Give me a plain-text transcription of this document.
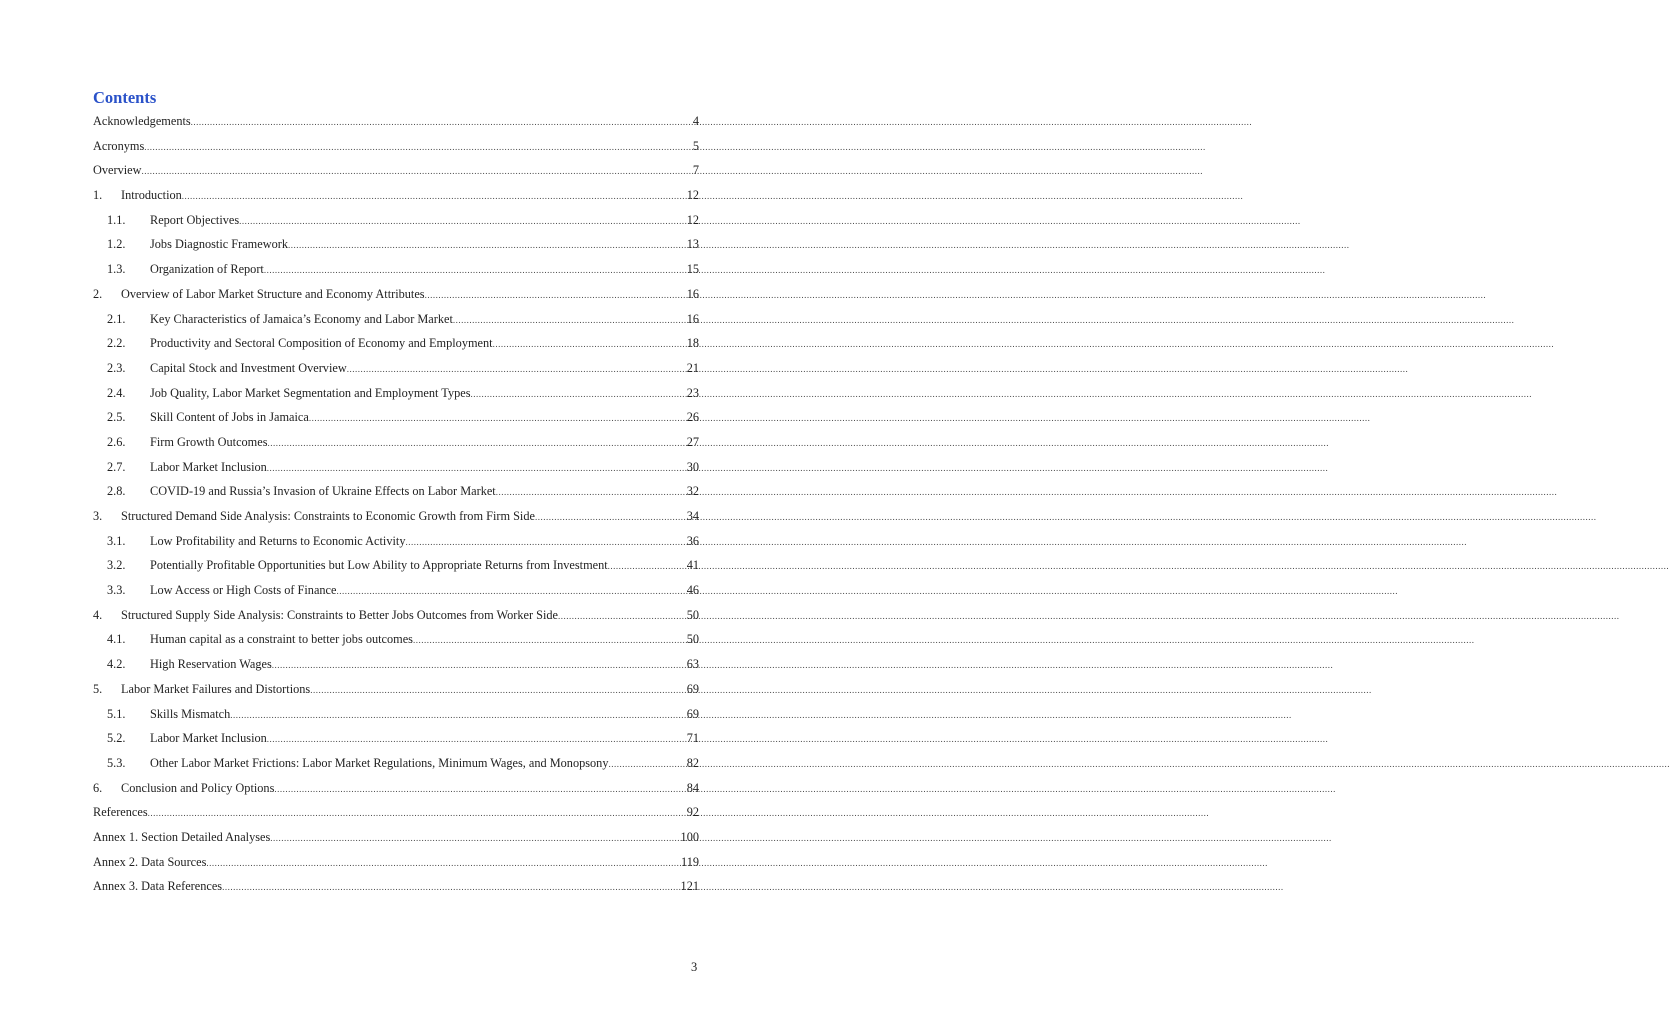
Contents
Acknowledgements .....	4
Acronyms .....	5
Overview .....	7
1.	Introduction .....	12
1.1.	Report Objectives .....	12
1.2.	Jobs Diagnostic Framework .....	13
1.3.	Organization of Report .....	15
2.	Overview of Labor Market Structure and Economy Attributes .....	16
2.1.	Key Characteristics of Jamaica’s Economy and Labor Market .....	16
2.2.	Productivity and Sectoral Composition of Economy and Employment .....	18
2.3.	Capital Stock and Investment Overview .....	21
2.4.	Job Quality, Labor Market Segmentation and Employment Types .....	23
2.5.	Skill Content of Jobs in Jamaica .....	26
2.6.	Firm Growth Outcomes .....	27
2.7.	Labor Market Inclusion .....	30
2.8.	COVID-19 and Russia’s Invasion of Ukraine Effects on Labor Market .....	32
3.	Structured Demand Side Analysis: Constraints to Economic Growth from Firm Side .....	34
3.1.	Low Profitability and Returns to Economic Activity .....	36
3.2.	Potentially Profitable Opportunities but Low Ability to Appropriate Returns from Investment .....	41
3.3.	Low Access or High Costs of Finance .....	46
4.	Structured Supply Side Analysis: Constraints to Better Jobs Outcomes from Worker Side .....	50
4.1.	Human capital as a constraint to better jobs outcomes .....	50
4.2.	High Reservation Wages .....	63
5.	Labor Market Failures and Distortions .....	69
5.1.	Skills Mismatch .....	69
5.2.	Labor Market Inclusion .....	71
5.3.	Other Labor Market Frictions: Labor Market Regulations, Minimum Wages, and Monopsony .....	82
6.	Conclusion and Policy Options .....	84
References .....	92
Annex 1. Section Detailed Analyses .....	100
Annex 2. Data Sources .....	119
Annex 3. Data References .....	121
3
